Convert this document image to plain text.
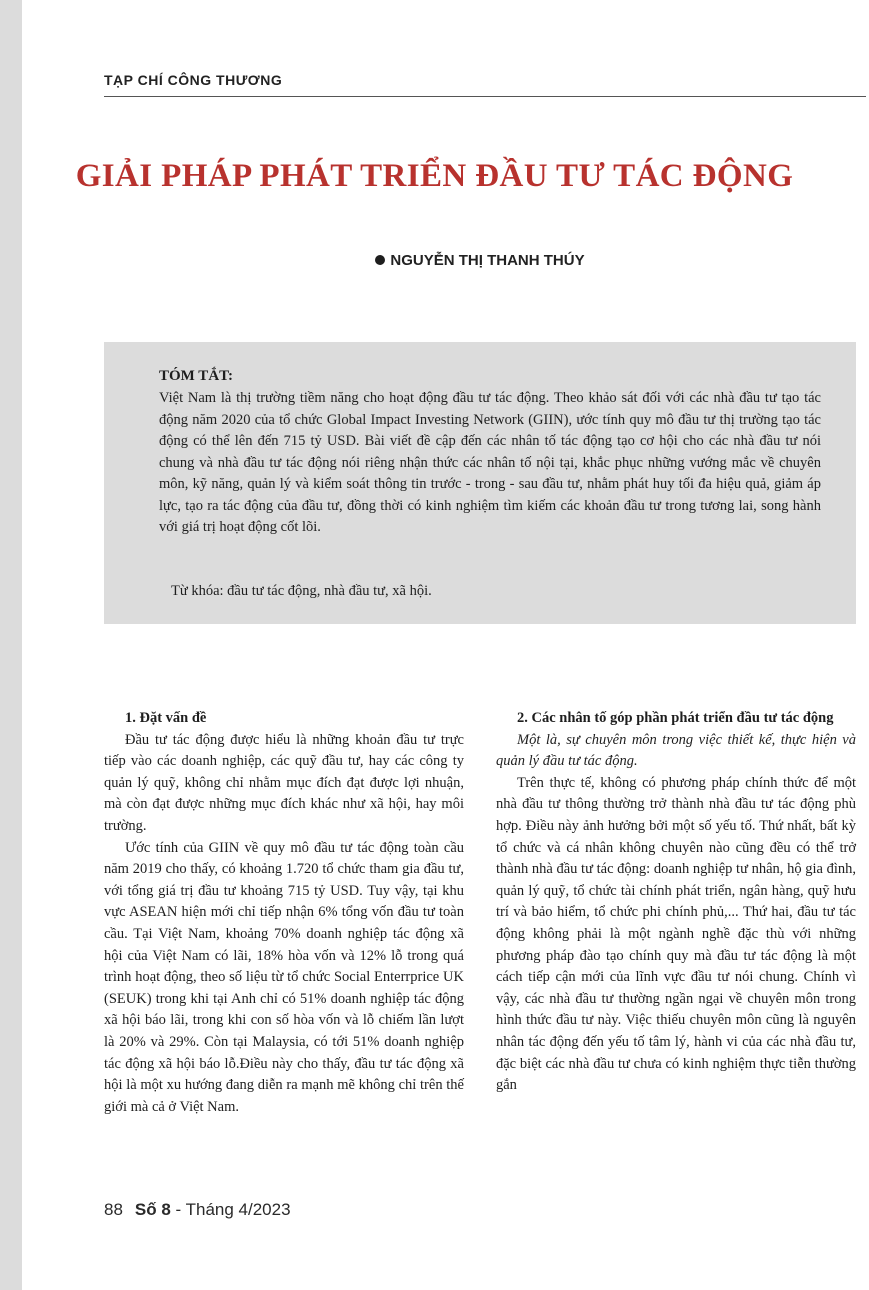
TẠP CHÍ CÔNG THƯƠNG
GIẢI PHÁP PHÁT TRIỂN ĐẦU TƯ TÁC ĐỘNG
NGUYỄN THỊ THANH THÚY
TÓM TẮT:

Việt Nam là thị trường tiềm năng cho hoạt động đầu tư tác động. Theo khảo sát đối với các nhà đầu tư tạo tác động năm 2020 của tổ chức Global Impact Investing Network (GIIN), ước tính quy mô đầu tư thị trường tạo tác động có thể lên đến 715 tỷ USD. Bài viết đề cập đến các nhân tố tác động tạo cơ hội cho các nhà đầu tư nói chung và nhà đầu tư tác động nói riêng nhận thức các nhân tố nội tại, khắc phục những vướng mắc về chuyên môn, kỹ năng, quản lý và kiểm soát thông tin trước - trong - sau đầu tư, nhằm phát huy tối đa hiệu quả, giảm áp lực, tạo ra tác động của đầu tư, đồng thời có kinh nghiệm tìm kiếm các khoản đầu tư trong tương lai, song hành với giá trị hoạt động cốt lõi.

Từ khóa: đầu tư tác động, nhà đầu tư, xã hội.
1. Đặt vấn đề

Đầu tư tác động được hiểu là những khoản đầu tư trực tiếp vào các doanh nghiệp, các quỹ đầu tư, hay các công ty quản lý quỹ, không chỉ nhằm mục đích đạt được lợi nhuận, mà còn đạt được những mục đích khác như xã hội, hay môi trường.

Ước tính của GIIN về quy mô đầu tư tác động toàn cầu năm 2019 cho thấy, có khoảng 1.720 tổ chức tham gia đầu tư, với tổng giá trị đầu tư khoảng 715 tỷ USD. Tuy vậy, tại khu vực ASEAN hiện mới chỉ tiếp nhận 6% tổng vốn đầu tư toàn cầu. Tại Việt Nam, khoảng 70% doanh nghiệp tác động xã hội của Việt Nam có lãi, 18% hòa vốn và 12% lỗ trong quá trình hoạt động, theo số liệu từ tổ chức Social Enterrprice UK (SEUK) trong khi tại Anh chỉ có 51% doanh nghiệp tác động xã hội báo lãi, trong khi con số hòa vốn và lỗ chiếm lần lượt là 20% và 29%. Còn tại Malaysia, có tới 51% doanh nghiệp tác động xã hội báo lỗ.Điều này cho thấy, đầu tư tác động xã hội là một xu hướng đang diễn ra mạnh mẽ không chỉ trên thế giới mà cả ở Việt Nam.

2. Các nhân tố góp phần phát triển đầu tư tác động

Một là, sự chuyên môn trong việc thiết kế, thực hiện và quản lý đầu tư tác động.

Trên thực tế, không có phương pháp chính thức để một nhà đầu tư thông thường trở thành nhà đầu tư tác động phù hợp. Điều này ảnh hưởng bởi một số yếu tố. Thứ nhất, bất kỳ tổ chức và cá nhân không chuyên nào cũng đều có thể trở thành nhà đầu tư tác động: doanh nghiệp tư nhân, hộ gia đình, quản lý quỹ, tổ chức tài chính phát triển, ngân hàng, quỹ hưu trí và bảo hiểm, tổ chức phi chính phủ,... Thứ hai, đầu tư tác động không phải là một ngành nghề đặc thù với những phương pháp đào tạo chính quy mà đầu tư tác động là một cách tiếp cận mới của lĩnh vực đầu tư nói chung. Chính vì vậy, các nhà đầu tư thường ngần ngại về chuyên môn trong hình thức đầu tư này. Việc thiếu chuyên môn cũng là nguyên nhân tác động đến yếu tố tâm lý, hành vi của các nhà đầu tư, đặc biệt các nhà đầu tư chưa có kinh nghiệm thực tiễn thường gắn

88 Số 8 - Tháng 4/2023
